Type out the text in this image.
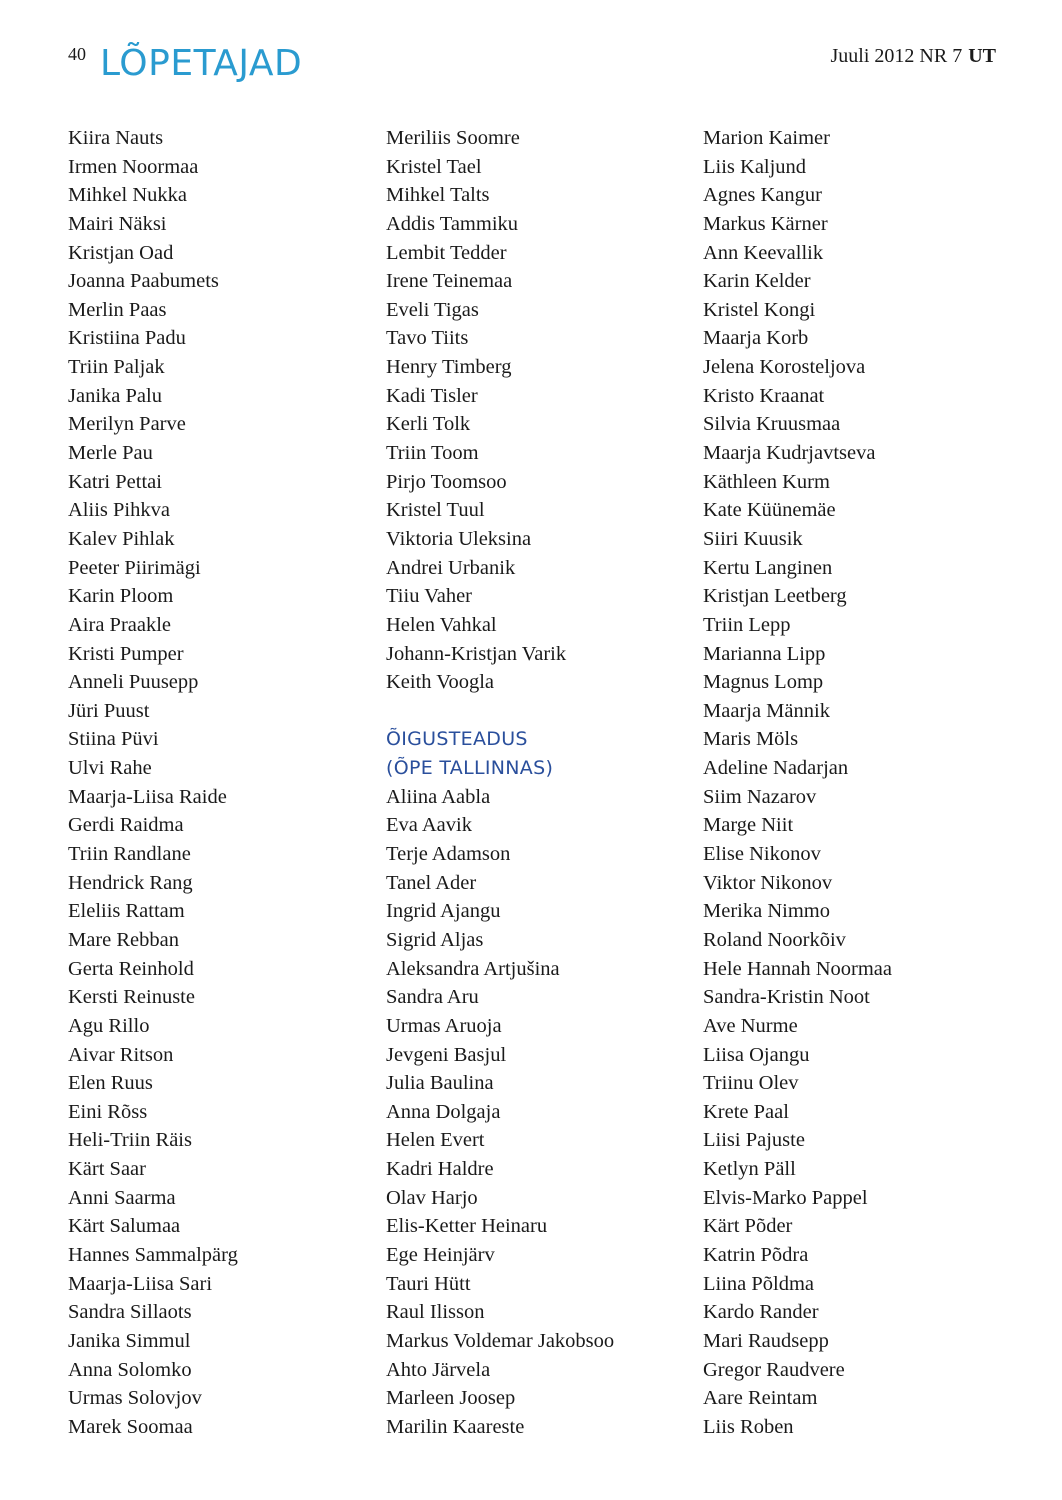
40 LÕPETAJAD	Juuli 2012 NR 7 UT
Kiira Nauts
Irmen Noormaa
Mihkel Nukka
Mairi Näksi
Kristjan Oad
Joanna Paabumets
Merlin Paas
Kristiina Padu
Triin Paljak
Janika Palu
Merilyn Parve
Merle Pau
Katri Pettai
Aliis Pihkva
Kalev Pihlak
Peeter Piirimägi
Karin Ploom
Aira Praakle
Kristi Pumper
Anneli Puusepp
Jüri Puust
Stiina Püvi
Ulvi Rahe
Maarja-Liisa Raide
Gerdi Raidma
Triin Randlane
Hendrick Rang
Eleliis Rattam
Mare Rebban
Gerta Reinhold
Kersti Reinuste
Agu Rillo
Aivar Ritson
Elen Ruus
Eini Rõss
Heli-Triin Räis
Kärt Saar
Anni Saarma
Kärt Salumaa
Hannes Sammalpärg
Maarja-Liisa Sari
Sandra Sillaots
Janika Simmul
Anna Solomko
Urmas Solovjov
Marek Soomaa
Meriliis Soomre
Kristel Tael
Mihkel Talts
Addis Tammiku
Lembit Tedder
Irene Teinemaa
Eveli Tigas
Tavo Tiits
Henry Timberg
Kadi Tisler
Kerli Tolk
Triin Toom
Pirjo Toomsoo
Kristel Tuul
Viktoria Uleksina
Andrei Urbanik
Tiiu Vaher
Helen Vahkal
Johann-Kristjan Varik
Keith Voogla
ÕIGUSTEADUS
(ÕPE TALLINNAS)
Aliina Aabla
Eva Aavik
Terje Adamson
Tanel Ader
Ingrid Ajangu
Sigrid Aljas
Aleksandra Artjušina
Sandra Aru
Urmas Aruoja
Jevgeni Basjul
Julia Baulina
Anna Dolgaja
Helen Evert
Kadri Haldre
Olav Harjo
Elis-Ketter Heinaru
Ege Heinjärv
Tauri Hütt
Raul Ilisson
Markus Voldemar Jakobsoo
Ahto Järvela
Marleen Joosep
Marilin Kaareste
Marion Kaimer
Liis Kaljund
Agnes Kangur
Markus Kärner
Ann Keevallik
Karin Kelder
Kristel Kongi
Maarja Korb
Jelena Korosteljova
Kristo Kraanat
Silvia Kruusmaa
Maarja Kudrjavtseva
Käthleen Kurm
Kate Küünemäe
Siiri Kuusik
Kertu Langinen
Kristjan Leetberg
Triin Lepp
Marianna Lipp
Magnus Lomp
Maarja Männik
Maris Möls
Adeline Nadarjan
Siim Nazarov
Marge Niit
Elise Nikonov
Viktor Nikonov
Merika Nimmo
Roland Noorkõiv
Hele Hannah Noormaa
Sandra-Kristin Noot
Ave Nurme
Liisa Ojangu
Triinu Olev
Krete Paal
Liisi Pajuste
Ketlyn Päll
Elvis-Marko Pappel
Kärt Põder
Katrin Põdra
Liina Põldma
Kardo Rander
Mari Raudsepp
Gregor Raudvere
Aare Reintam
Liis Roben
